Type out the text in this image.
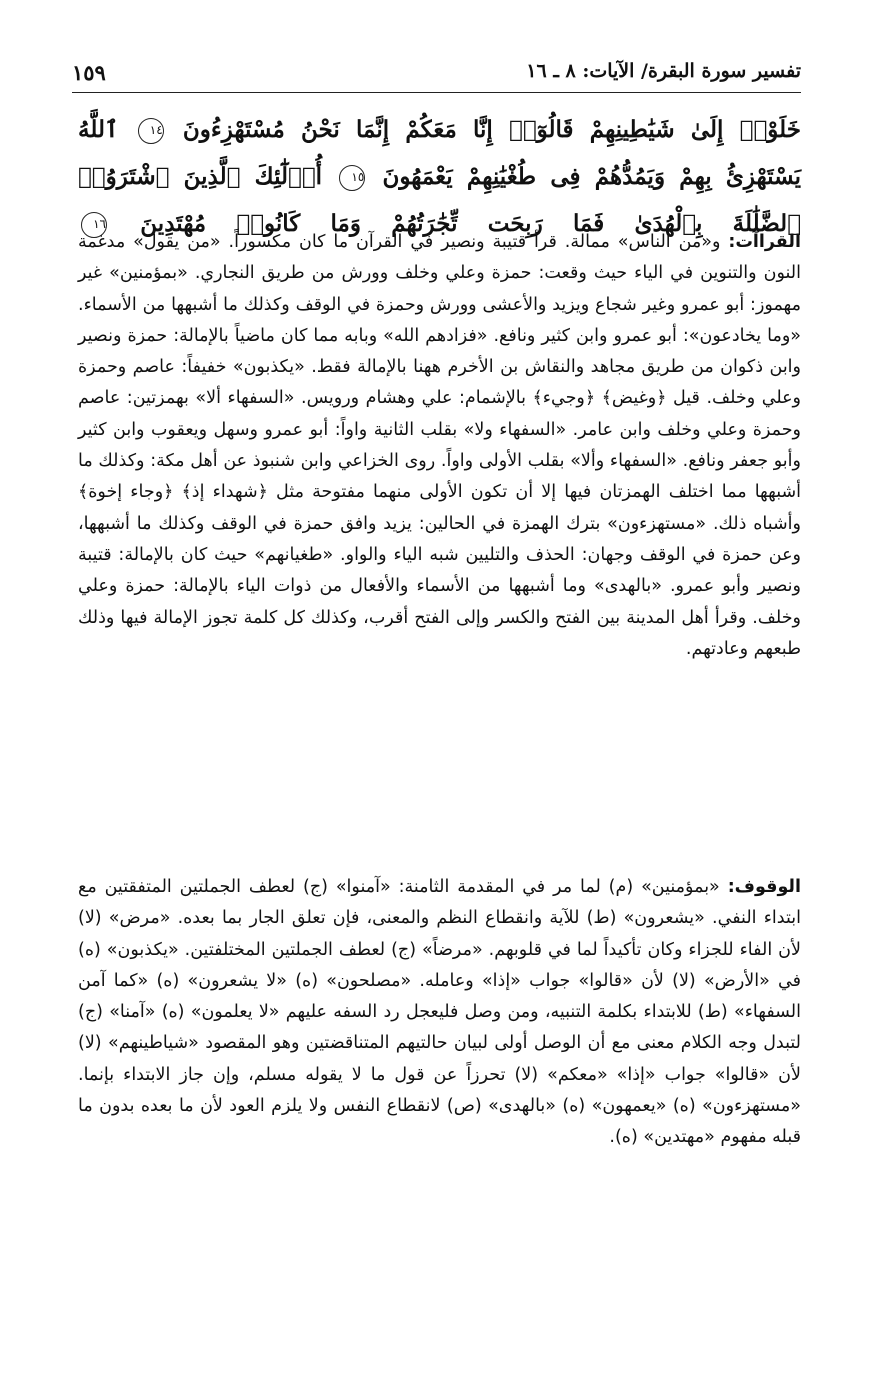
تفسير سورة البقرة/ الآيات: ٨ ـ ١٦
١٥٩
خَلَوْا۟ إِلَىٰ شَيَٰطِينِهِمْ قَالُوٓا۟ إِنَّا مَعَكُمْ إِنَّمَا نَحْنُ مُسْتَهْزِءُونَ ١٤ ٱللَّهُ يَسْتَهْزِئُ بِهِمْ وَيَمُدُّهُمْ فِى طُغْيَٰنِهِمْ يَعْمَهُونَ ١٥ أُو۟لَٰٓئِكَ ٱلَّذِينَ ٱشْتَرَوُا۟ ٱلضَّلَٰلَةَ بِٱلْهُدَىٰ فَمَا رَبِحَت تِّجَٰرَتُهُمْ وَمَا كَانُوا۟ مُهْتَدِينَ ١٦

القراآت: و«من الناس» ممالة. قرأ قتيبة ونصير في القرآن ما كان مكسوراً. «من يقول» مدغمة النون والتنوين في الياء حيث وقعت: حمزة وعلي وخلف وورش من طريق النجاري. «بمؤمنين» غير مهموز: أبو عمرو وغير شجاع ويزيد والأعشى وورش وحمزة في الوقف وكذلك ما أشبهها من الأسماء. «وما يخادعون»: أبو عمرو وابن كثير ونافع. «فزادهم الله» وبابه مما كان ماضياً بالإمالة: حمزة ونصير وابن ذكوان من طريق مجاهد والنقاش بن الأخرم ههنا بالإمالة فقط. «يكذبون» خفيفاً: عاصم وحمزة وعلي وخلف. قيل ﴿وغيض﴾ ﴿وجيء﴾ بالإشمام: علي وهشام ورويس. «السفهاء ألا» بهمزتين: عاصم وحمزة وعلي وخلف وابن عامر. «السفهاء ولا» بقلب الثانية واواً: أبو عمرو وسهل ويعقوب وابن كثير وأبو جعفر ونافع. «السفهاء وألا» بقلب الأولى واواً. روى الخزاعي وابن شنبوذ عن أهل مكة: وكذلك ما أشبهها مما اختلف الهمزتان فيها إلا أن تكون الأولى منهما مفتوحة مثل ﴿شهداء إذ﴾ ﴿وجاء إخوة﴾ وأشباه ذلك. «مستهزءون» بترك الهمزة في الحالين: يزيد وافق حمزة في الوقف وكذلك ما أشبهها، وعن حمزة في الوقف وجهان: الحذف والتليين شبه الياء والواو. «طغيانهم» حيث كان بالإمالة: قتيبة ونصير وأبو عمرو. «بالهدى» وما أشبهها من الأسماء والأفعال من ذوات الياء بالإمالة: حمزة وعلي وخلف. وقرأ أهل المدينة بين الفتح والكسر وإلى الفتح أقرب، وكذلك كل كلمة تجوز الإمالة فيها وذلك طبعهم وعادتهم.

الوقوف: «بمؤمنين» (م) لما مر في المقدمة الثامنة: «آمنوا» (ج) لعطف الجملتين المتفقتين مع ابتداء النفي. «يشعرون» (ط) للآية وانقطاع النظم والمعنى، فإن تعلق الجار بما بعده. «مرض» (لا) لأن الفاء للجزاء وكان تأكيداً لما في قلوبهم. «مرضاً» (ج) لعطف الجملتين المختلفتين. «يكذبون» (ه) في «الأرض» (لا) لأن «قالوا» جواب «إذا» وعامله. «مصلحون» (ه) «لا يشعرون» (ه) «كما آمن السفهاء» (ط) للابتداء بكلمة التنبيه، ومن وصل فليعجل رد السفه عليهم «لا يعلمون» (ه) «آمنا» (ج) لتبدل وجه الكلام معنى مع أن الوصل أولى لبيان حالتيهم المتناقضتين وهو المقصود «شياطينهم» (لا) لأن «قالوا» جواب «إذا» «معكم» (لا) تحرزاً عن قول ما لا يقوله مسلم، وإن جاز الابتداء بإنما. «مستهزءون» (ه) «يعمهون» (ه) «بالهدى» (ص) لانقطاع النفس ولا يلزم العود لأن ما بعده بدون ما قبله مفهوم «مهتدين» (ه).
